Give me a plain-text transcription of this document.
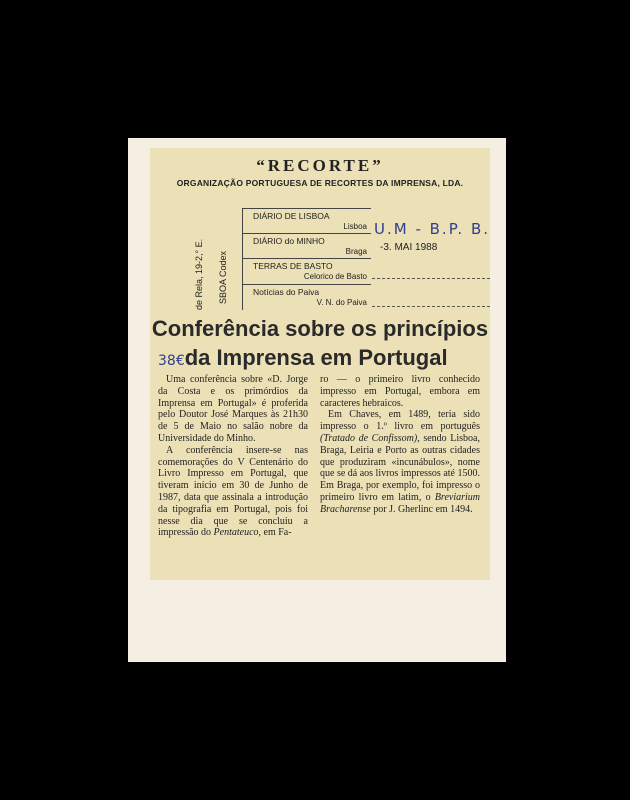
“RECORTE”
ORGANIZAÇÃO PORTUGUESA DE RECORTES DA IMPRENSA, LDA.
de Rela, 19-2,° E. SBOA Codex
DIÁRIO DE LISBOA
Lisboa
DIÁRIO do MINHO
Braga
TERRAS DE BASTO
Celorico de Basto
Notícias do Paiva
V. N. do Paiva
U.M - B.P. B.
-3. MAI 1988
Conferência sobre os princípios
38€da Imprensa em Portugal

Uma conferência sobre «D. Jorge da Costa e os primórdios da Imprensa em Portugal» é proferida pelo Doutor José Marques às 21h30 de 5 de Maio no salão nobre da Universidade do Minho.

A conferência insere-se nas comemorações do V Centenário do Livro Impresso em Portugal, que tiveram início em 30 de Junho de 1987, data que assinala a introdução da tipografia em Portugal, pois foi nesse dia que se concluiu a impressão do Pentateuco, em Fa-

ro — o primeiro livro conhecido impresso em Portugal, embora em caracteres hebraicos.

Em Chaves, em 1489, teria sido impresso o 1.º livro em português (Tratado de Confissom), sendo Lisboa, Braga, Leiria e Porto as outras cidades que produziram «incunábulos», nome que se dá aos livros impressos até 1500. Em Braga, por exemplo, foi impresso o primeiro livro em latim, o Breviarium Bracharense por J. Gherlinc em 1494.
